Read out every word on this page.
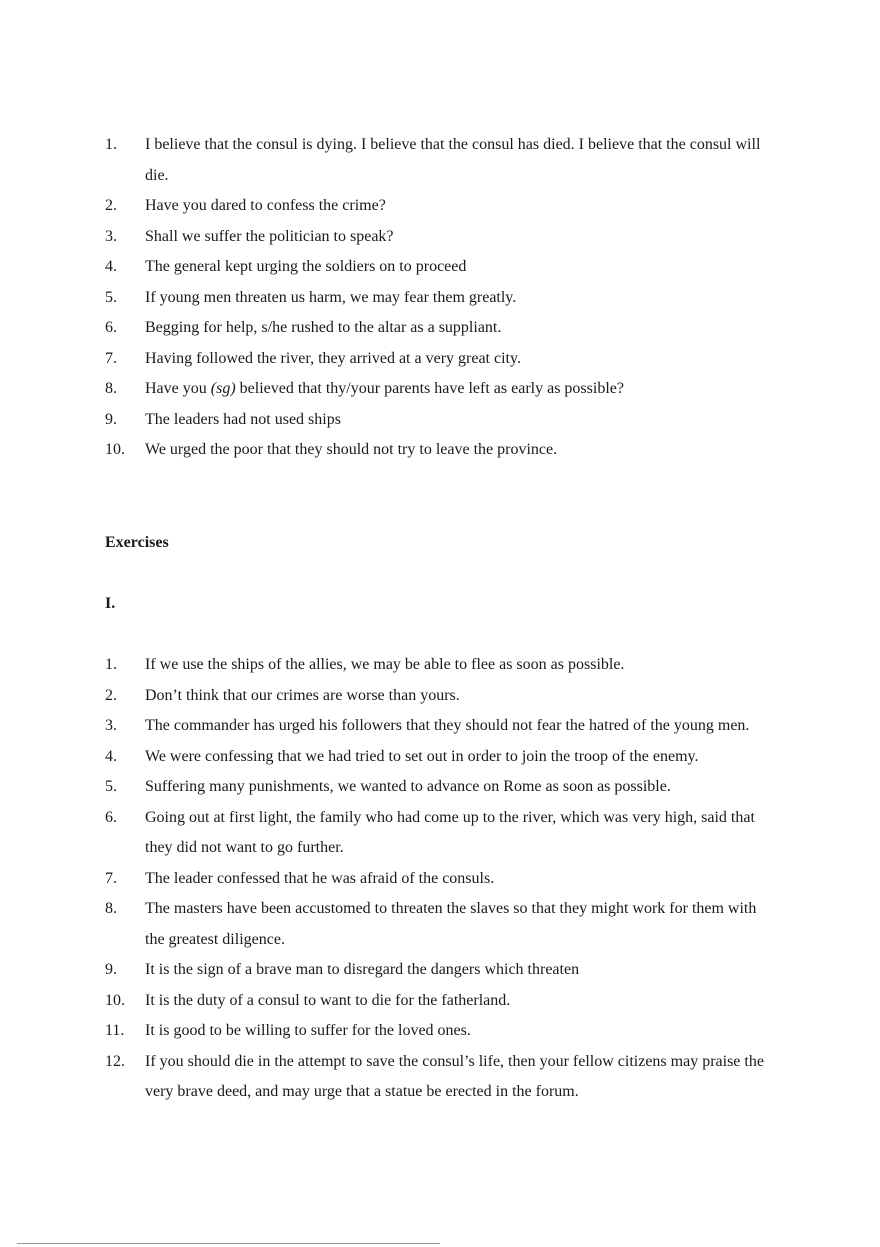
1.	I believe that the consul is dying. I believe that the consul has died. I believe that the consul will die.
2.	Have you dared to confess the crime?
3.	Shall we suffer the politician to speak?
4.	The general kept urging the soldiers on to proceed
5.	If young men threaten us harm, we may fear them greatly.
6.	Begging for help, s/he rushed to the altar as a suppliant.
7.	Having followed the river, they arrived at a very great city.
8.	Have you (sg) believed that thy/your parents have left as early as possible?
9.	The leaders had not used ships
10.	We urged the poor that they should not try to leave the province.
Exercises
I.
1.	If we use the ships of the allies, we may be able to flee as soon as possible.
2.	Don’t think that our crimes are worse than yours.
3.	The commander has urged his followers that they should not fear the hatred of the young men.
4.	We were confessing that we had tried to set out in order to join the troop of the enemy.
5.	Suffering many punishments, we wanted to advance on Rome as soon as possible.
6.	Going out at first light, the family who had come up to the river, which was very high, said that they did not want to go further.
7.	The leader confessed that he was afraid of the consuls.
8.	The masters have been accustomed to threaten the slaves so that they might work for them with the greatest diligence.
9.	It is the sign of a brave man to disregard the dangers which threaten
10.	It is the duty of a consul to want to die for the fatherland.
11.	It is good to be willing to suffer for the loved ones.
12.	If you should die in the attempt to save the consul’s life, then your fellow citizens may praise the very brave deed, and may urge that a statue be erected in the forum.
